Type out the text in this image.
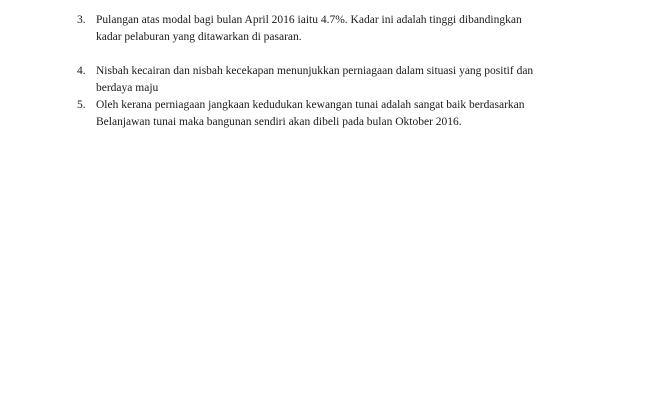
3. Pulangan atas modal bagi bulan April 2016 iaitu 4.7%. Kadar ini adalah tinggi dibandingkan
kadar pelaburan yang ditawarkan di pasaran.
4. Nisbah kecairan dan nisbah kecekapan menunjukkan perniagaan dalam situasi yang positif dan
berdaya maju
5. Oleh kerana perniagaan jangkaan kedudukan kewangan tunai adalah sangat baik berdasarkan
Belanjawan tunai maka bangunan sendiri akan dibeli pada bulan Oktober 2016.
